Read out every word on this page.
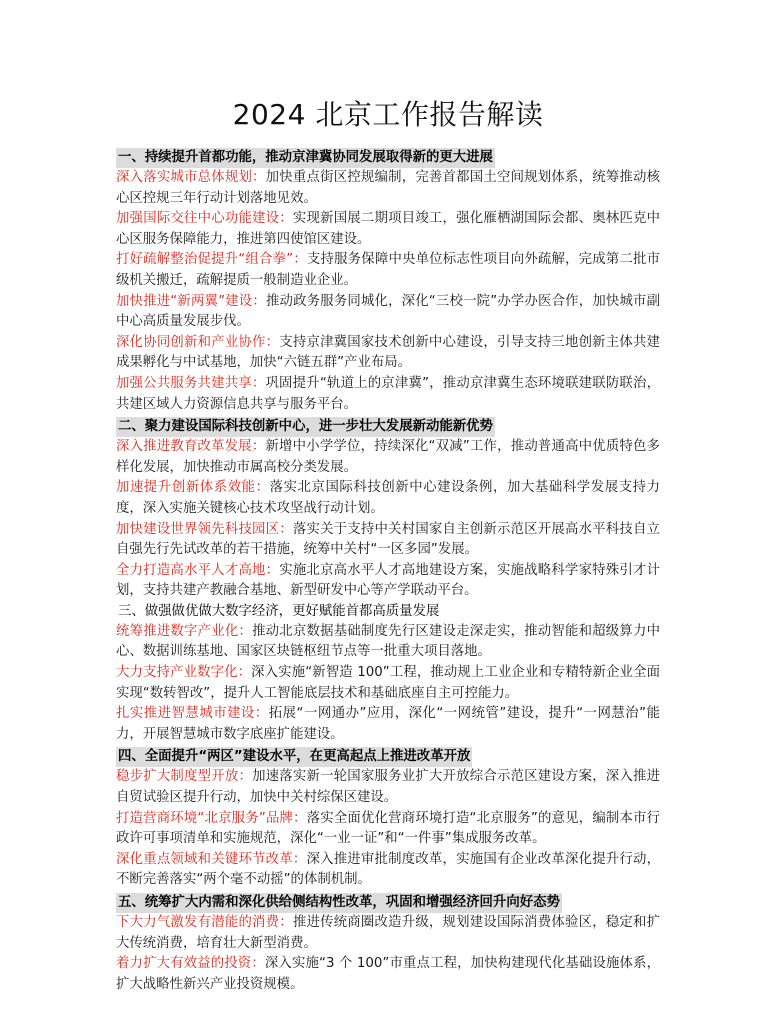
2024 北京工作报告解读
一、持续提升首都功能，推动京津冀协同发展取得新的更大进展

深入落实城市总体规划：加快重点街区控规编制，完善首都国土空间规划体系，统筹推动核心区控规三年行动计划落地见效。

加强国际交往中心功能建设：实现新国展二期项目竣工，强化雁栖湖国际会都、奥林匹克中心区服务保障能力，推进第四使馆区建设。

打好疏解整治促提升“组合拳”：支持服务保障中央单位标志性项目向外疏解，完成第二批市级机关搬迁，疏解提质一般制造业企业。

加快推进“新两翼”建设：推动政务服务同城化，深化“三校一院”办学办医合作，加快城市副中心高质量发展步伐。

深化协同创新和产业协作：支持京津冀国家技术创新中心建设，引导支持三地创新主体共建成果孵化与中试基地，加快“六链五群”产业布局。

加强公共服务共建共享：巩固提升“轨道上的京津冀”，推动京津冀生态环境联建联防联治，共建区域人力资源信息共享与服务平台。

二、聚力建设国际科技创新中心，进一步壮大发展新动能新优势

深入推进教育改革发展：新增中小学学位，持续深化“双减”工作，推动普通高中优质特色多样化发展，加快推动市属高校分类发展。

加速提升创新体系效能：落实北京国际科技创新中心建设条例，加大基础科学发展支持力度，深入实施关键核心技术攻坚战行动计划。

加快建设世界领先科技园区：落实关于支持中关村国家自主创新示范区开展高水平科技自立自强先行先试改革的若干措施，统筹中关村“一区多园”发展。

全力打造高水平人才高地：实施北京高水平人才高地建设方案，实施战略科学家特殊引才计划，支持共建产教融合基地、新型研发中心等产学联动平台。

三、做强做优做大数字经济，更好赋能首都高质量发展

统筹推进数字产业化：推动北京数据基础制度先行区建设走深走实，推动智能和超级算力中心、数据训练基地、国家区块链枢纽节点等一批重大项目落地。

大力支持产业数字化：深入实施“新智造 100”工程，推动规上工业企业和专精特新企业全面实现“数转智改”，提升人工智能底层技术和基础底座自主可控能力。

扎实推进智慧城市建设：拓展“一网通办”应用，深化“一网统管”建设，提升“一网慧治”能力，开展智慧城市数字底座扩能建设。

四、全面提升“两区”建设水平，在更高起点上推进改革开放

稳步扩大制度型开放：加速落实新一轮国家服务业扩大开放综合示范区建设方案，深入推进自贸试验区提升行动，加快中关村综保区建设。

打造营商环境“北京服务”品牌：落实全面优化营商环境打造“北京服务”的意见，编制本市行政许可事项清单和实施规范，深化“一业一证”和“一件事”集成服务改革。

深化重点领域和关键环节改革：深入推进审批制度改革，实施国有企业改革深化提升行动，不断完善落实“两个毫不动摇”的体制机制。

五、统筹扩大内需和深化供给侧结构性改革，巩固和增强经济回升向好态势

下大力气激发有潜能的消费：推进传统商圈改造升级，规划建设国际消费体验区，稳定和扩大传统消费，培育壮大新型消费。

着力扩大有效益的投资：深入实施“3 个 100”市重点工程，加快构建现代化基础设施体系，扩大战略性新兴产业投资规模。
